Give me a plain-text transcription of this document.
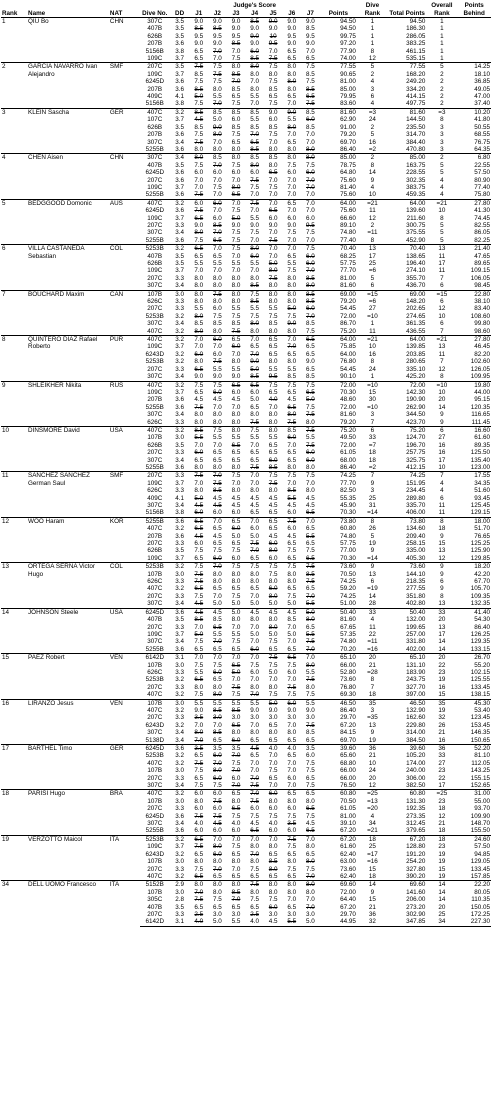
Rank	Name	NAT	Dive No.	DD	Judge's Score							Points	Dive Rank	Total Points	Overall Rank	Points Behind
					J1	J2	J3	J4	J5	J6	J7					
1	QIU Bo	CHN	307C	3.5	9.0	9.0	9.0	8.5	9.0	9.0	9.0	94.50	1	94.50	1	
			407B	3.5	8.5	8.5	9.0	9.0	9.0	9.0	8.5	94.50	1	186.30	1	
			626B	3.5	9.5	9.5	9.5	9.0	10	9.5	9.5	99.75	1	286.05	1	
			207B	3.6	9.0	9.0	8.5	9.0	9.5	9.0	9.0	97.20	1	383.25	1	
			5156B	3.8	6.5	7.0	7.0	6.0	7.0	6.5	7.0	77.90	8	461.15	1	
			109C	3.7	6.5	7.0	7.5	8.5	7.5	6.5	6.5	74.00	12	535.15	1	
2	GARCIA NAVARRO Ivan Alejandro	SMF	207C	3.5	7.5	7.5	8.0	8.0	7.5	8.0	7.5	77.55	5	77.55	5	14.25
			109C	3.7	8.5	7.5	8.5	8.0	8.0	8.0	8.5	90.65	2	168.20	2	18.10
			6245D	3.6	7.5	7.5	7.0	7.0	7.5	8.0	7.5	81.00	4	249.20	2	36.85
			207B	3.6	8.5	8.0	8.5	8.0	8.5	8.0	8.5	85.00	3	334.20	2	49.05
			409C	4.1	5.0	5.5	6.5	5.5	6.5	6.5	6.5	79.95	6	414.15	2	47.00
			5156B	3.8	7.5	7.0	7.5	7.0	7.5	7.0	7.5	83.60	4	497.75	2	37.40
3	KLEIN Sascha	GER	407C	3.2	8.5	8.5	8.5	8.5	9.0	9.0	8.5	81.60	=3	81.60	=3	10.20
			107C	3.7	4.5	5.0	6.0	5.5	6.0	5.5	6.0	62.90	24	144.50	8	41.80
			626B	3.5	8.5	9.0	8.5	8.5	8.5	8.0	8.5	91.00	2	235.50	3	50.55
			207B	3.6	7.5	8.0	7.5	7.0	7.5	7.0	7.0	79.20	5	314.70	3	68.55
			307C	3.4	7.5	7.0	6.5	6.5	7.0	6.5	7.0	69.70	16	384.40	3	76.75
			5255B	3.6	8.0	8.0	8.0	8.5	8.0	8.0	8.0	86.40	=2	470.80	3	64.35
4	CHEN Aisen	CHN	307C	3.4	8.0	8.5	8.0	8.5	8.5	8.0	8.0	85.00	2	85.00	2	6.80
			407B	3.5	7.5	7.0	7.5	8.0	8.0	7.5	7.5	78.75	8	163.75	5	22.55
			6245D	3.6	6.0	6.0	6.0	6.0	6.5	6.0	6.0	64.80	14	228.55	5	57.50
			207C	3.6	7.0	7.0	7.0	7.5	7.0	7.0	7.0	75.60	9	302.35	4	80.90
			109C	3.7	7.0	7.5	8.0	7.5	7.5	7.0	7.0	81.40	4	383.75	4	77.40
			5255B	3.6	7.5	7.0	6.5	7.0	7.0	7.0	7.0	75.60	10	459.35	4	75.80
5	BEDGGOOD Domonic	AUS	407C	3.2	6.0	6.0	7.0	7.5	7.0	6.5	7.0	64.00	=21	64.00	=21	27.80
			6245D	3.6	7.5	7.0	7.5	7.0	6.5	7.0	7.0	75.60	11	139.60	10	41.30
			109C	3.7	6.5	6.0	5.0	5.5	6.0	6.0	6.0	66.60	12	211.60	8	74.45
			207C	3.3	9.0	8.5	9.0	9.0	9.0	9.0	9.5	89.10	2	300.75	5	82.55
			307C	3.4	8.0	7.0	7.5	7.5	7.0	7.5	7.5	74.80	=11	375.55	5	86.05
			5255B	3.6	7.5	6.5	7.5	7.0	7.5	7.0	7.0	77.40	8	452.90	5	82.25
6	VILLA CASTANEDA Sebastian	COL	5253B	3.2	6.5	7.0	7.5	8.0	7.0	7.0	7.5	70.40	13	70.40	13	21.40
			407B	3.5	6.5	6.5	7.0	6.0	7.0	6.5	6.0	68.25	17	138.65	11	47.65
			626B	3.5	5.5	5.5	5.5	5.5	5.0	5.5	6.0	57.75	25	196.40	17	89.65
			109C	3.7	7.0	7.0	7.0	7.0	8.0	7.5	7.0	77.70	=6	274.10	11	109.15
			207C	3.3	8.0	8.0	8.0	8.0	7.5	8.0	8.5	81.00	5	355.70	7	106.05
			307C	3.4	8.0	8.0	8.0	8.5	8.0	8.0	8.0	81.60	6	436.70	6	98.45
7	BOUCHARD Maxim	CAN	107B	3.0	8.0	7.5	8.0	7.5	8.0	8.0	8.5	69.00	=15	69.00	=15	22.80
			626C	3.3	8.0	8.0	8.0	8.5	8.0	8.0	8.5	79.20	=6	148.20	6	38.10
			207C	3.3	5.5	6.0	5.5	5.5	5.5	5.0	6.0	54.45	27	202.65	12	83.40
			5253B	3.2	8.0	7.5	7.5	7.5	7.5	7.5	7.0	72.00	=10	274.65	10	108.60
			307C	3.4	8.5	8.5	8.5	8.0	8.5	9.0	8.5	86.70	1	361.35	6	99.80
			407C	3.2	8.0	8.0	7.5	8.0	8.0	8.0	7.5	75.20	11	436.55	7	98.60
8	QUINTERO DIAZ Rafael Roberto	PUR	407C	3.2	7.0	6.0	6.5	7.0	6.5	7.0	6.5	64.00	=21	64.00	=21	27.80
			109C	3.7	7.0	7.0	6.0	6.5	6.5	7.0	6.5	75.85	10	139.85	13	46.45
			6243D	3.2	6.0	6.0	7.0	7.0	6.5	6.5	6.5	64.00	16	203.85	11	82.20
			5253B	3.2	8.0	7.5	8.0	9.0	8.0	8.0	9.0	76.80	8	280.65	7	102.60
			207C	3.3	6.5	5.5	5.5	5.0	5.5	5.5	6.5	54.45	24	335.10	12	126.05
			307C	3.4	9.0	9.0	9.0	8.5	9.5	8.5	8.5	90.10	1	425.20	8	109.95
9	SHLEIKHER Nikita	RUS	407C	3.2	7.5	7.5	6.5	6.5	7.5	7.5	7.5	72.00	=10	72.00	=10	19.80
			109C	3.7	6.5	6.0	6.0	6.0	6.5	6.5	6.5	70.30	15	142.30	10	44.00
			207B	3.6	4.5	4.5	4.5	5.0	4.0	4.5	5.0	48.60	30	190.90	20	95.15
			5255B	3.6	7.5	7.0	7.0	6.5	7.0	6.5	7.5	72.00	=10	262.90	14	120.35
			307C	3.4	8.0	8.0	8.0	8.0	8.0	8.0	7.5	81.60	3	344.50	9	116.65
			626C	3.3	8.0	8.0	8.0	7.5	8.0	7.5	8.0	79.20	7	423.70	9	111.45
10	DINSMORE David	USA	407C	3.2	8.5	7.5	8.0	7.5	8.0	8.5	7.5	75.20	6	75.20	6	16.60
			107B	3.0	5.5	5.5	5.5	5.5	5.5	6.0	5.5	49.50	33	124.70	27	61.60
			626B	3.5	7.0	7.0	6.5	7.0	6.5	7.0	7.5	72.00	=7	196.70	16	89.35
			207C	3.3	6.0	6.5	6.5	6.5	6.5	6.5	6.0	61.05	18	257.75	16	125.50
			307C	3.4	6.5	6.5	6.5	6.5	6.0	6.5	6.0	68.00	18	325.75	17	135.40
			5255B	3.6	8.0	8.0	8.0	7.5	8.5	8.0	8.0	86.40	=2	412.15	10	123.00
11	SANCHEZ SANCHEZ German Saul	SMF	207C	3.3	7.5	7.0	7.5	7.0	7.5	7.5	7.5	74.25	7	74.25	7	17.55
			109C	3.7	7.0	7.5	7.0	7.0	7.5	7.0	7.0	77.70	9	151.95	4	34.35
			626C	3.3	8.0	8.5	8.0	8.0	8.0	8.5	8.0	82.50	3	234.45	4	51.60
			409C	4.1	5.0	4.5	4.5	4.5	4.5	5.5	4.5	55.35	25	289.80	6	93.45
			307C	3.4	4.5	4.5	4.5	4.5	4.5	4.5	4.5	45.90	31	335.70	11	125.45
			5156B	3.8	6.0	6.0	6.0	6.5	6.5	6.0	6.5	70.30	=14	406.00	11	129.15
12	WOO Haram	KOR	5255B	3.6	6.5	7.0	6.5	7.0	6.5	7.5	7.0	73.80	8	73.80	8	18.00
			407C	3.2	6.5	6.5	6.0	6.0	6.5	6.0	6.5	60.80	26	134.60	18	51.70
			207B	3.6	4.5	4.5	5.0	5.0	4.5	4.5	5.5	74.80	5	209.40	9	76.65
			207C	3.3	6.0	6.5	6.5	7.5	6.0	6.5	6.5	57.75	19	258.15	15	125.25
			626B	3.5	7.5	7.5	7.5	7.0	8.0	7.5	7.5	77.00	9	335.00	13	125.90
			109C	3.7	6.5	6.0	6.0	6.5	6.0	6.5	6.5	70.30	=14	405.30	12	129.85
13	ORTEGA SERNA Victor Hugo	COL	5253B	3.2	7.5	7.0	7.5	7.5	7.5	7.5	7.5	73.60	9	73.60	9	18.20
			107B	3.0	7.5	8.0	8.0	8.0	7.5	8.0	8.5	70.50	13	144.10	9	42.20
			626C	3.3	7.5	8.0	8.0	8.0	8.0	8.0	7.5	74.25	6	218.35	6	67.70
			407C	3.2	6.5	6.5	6.5	6.5	6.0	6.5	6.5	59.20	=19	277.55	9	105.70
			207C	3.3	7.5	7.0	7.5	7.0	8.0	7.5	7.0	74.25	14	351.80	8	109.35
			307C	3.4	4.5	5.0	5.0	5.0	5.0	5.0	5.5	51.00	28	402.80	13	132.35
14	JOHNSON Steele	USA	6245D	3.6	4.5	4.5	5.0	4.5	4.5	4.5	5.0	50.40	33	50.40	33	41.40
			407B	3.5	8.5	8.5	8.0	8.0	8.0	8.5	8.0	81.60	4	132.00	20	54.30
			207C	3.3	7.0	6.5	7.0	7.0	8.0	7.0	6.5	67.65	11	199.65	13	86.40
			109C	3.7	5.0	5.5	5.5	5.0	5.0	5.0	5.5	57.35	22	257.00	17	126.25
			307C	3.4	7.5	7.0	7.5	7.0	7.5	7.0	7.5	74.80	=11	331.80	14	129.35
			5255B	3.6	6.5	6.5	6.5	6.0	6.5	6.5	7.0	70.20	=16	402.00	14	133.15
15	PAEZ Robert	VEN	6142D	3.1	7.0	7.0	7.0	7.0	7.5	6.5	7.0	65.10	20	65.10	20	26.70
			107B	3.0	7.5	7.5	6.5	7.5	7.5	7.5	8.0	66.00	21	131.10	22	55.20
			626C	3.3	5.5	6.0	5.0	6.0	5.0	6.0	5.5	52.80	=28	183.90	23	102.15
			5253B	3.2	6.5	6.5	7.0	7.0	7.0	7.0	7.5	73.60	8	243.75	19	125.55
			207C	3.3	8.0	8.0	7.5	8.0	8.0	7.5	8.0	76.80	7	327.70	16	133.45
			407C	3.2	7.5	8.0	7.5	7.0	7.5	7.5	7.5	69.30	18	397.00	15	138.15
16	LIRANZO Jesus	VEN	107B	3.0	5.5	5.5	5.5	5.5	5.0	6.0	5.5	46.50	35	46.50	35	45.30
			407C	3.2	9.0	8.5	8.5	9.0	9.0	9.0	9.0	86.40	3	132.90	19	53.40
			207C	3.3	3.5	3.0	3.0	3.0	3.0	3.0	3.0	29.70	=35	162.60	32	123.45
			6243D	3.2	7.0	7.0	6.5	7.0	6.5	7.0	7.5	67.20	13	229.80	26	153.45
			307C	3.4	8.0	8.5	8.0	8.0	8.0	8.0	8.5	84.15	9	314.00	21	146.35
			5138D	3.4	7.0	6.5	6.0	6.5	6.5	6.5	6.5	69.70	19	384.50	16	150.65
17	BARTHEL Timo	GER	6245D	3.6	3.5	3.5	3.5	4.5	4.0	4.0	3.5	39.60	36	39.60	36	52.20
			5253B	3.2	6.5	6.0	7.0	6.5	7.0	6.5	6.0	65.60	21	105.20	33	81.10
			407C	3.2	7.5	7.0	7.5	7.0	7.0	7.0	7.5	68.80	10	174.00	27	112.05
			107B	3.0	7.5	8.0	7.0	7.0	7.5	7.0	7.5	66.00	24	240.00	23	143.25
			207C	3.3	6.5	6.0	6.0	7.0	6.5	6.0	6.5	66.00	20	306.00	22	155.15
			307C	3.4	7.5	7.5	7.0	7.5	7.0	7.0	7.5	76.50	12	382.50	17	152.65
18	PARISI Hugo	BRA	407C	3.2	6.0	6.0	6.5	7.0	6.0	6.5	6.5	60.80	=25	60.80	=25	31.00
			107B	3.0	8.0	7.5	8.0	7.5	8.0	8.0	8.0	70.50	=13	131.30	23	55.00
			207C	3.3	6.0	6.0	6.5	6.0	6.0	6.0	6.5	61.05	=20	192.35	18	93.70
			6245D	3.6	7.5	7.5	7.5	7.5	7.5	7.5	7.5	81.00	4	273.35	12	109.90
			307C	3.4	4.0	4.5	4.0	4.5	4.0	3.5	4.5	39.10	34	312.45	21	148.70
			5255B	3.6	6.0	6.0	6.0	6.5	6.0	6.0	6.5	67.20	=21	379.65	18	155.50
19	VERZOTTO Maicol	ITA	5253B	3.2	6.5	7.0	7.0	7.0	7.0	7.5	7.0	67.20	18	67.20	18	24.60
			109C	3.7	7.5	8.0	7.5	8.0	8.0	7.5	8.0	61.60	25	128.80	23	57.50
			6243D	3.2	6.5	6.0	6.5	7.0	6.5	6.5	6.5	62.40	=17	191.20	19	94.85
			107B	3.0	8.0	8.0	8.0	8.0	8.5	8.0	8.0	63.00	=16	254.20	19	129.05
			207C	3.3	7.5	7.0	7.0	7.5	8.0	7.5	7.5	73.60	15	327.80	15	133.45
			407C	3.2	6.5	6.5	6.5	6.5	6.5	6.5	7.0	62.40	18	390.20	19	157.85
34	DELL UOMO Francesco	ITA	5152B	2.9	8.0	8.0	8.0	7.5	8.0	8.0	8.0	69.60	14	69.60	14	22.20
			107B	3.0	7.0	8.0	8.5	8.0	8.0	8.0	8.0	72.00	9	141.60	14	80.05
			305C	2.8	7.5	7.5	7.0	7.5	7.5	7.0	7.0	64.40	15	206.00	14	110.35
			407B	3.5	6.5	6.5	6.5	6.5	6.0	6.5	7.0	67.20	21	273.20	20	150.05
			207C	3.3	2.5	3.0	3.0	2.5	3.0	3.0	3.0	29.70	36	302.90	25	172.25
			6142D	3.1	4.0	5.0	5.5	4.0	4.5	5.5	5.0	44.95	32	347.85	34	227.30
